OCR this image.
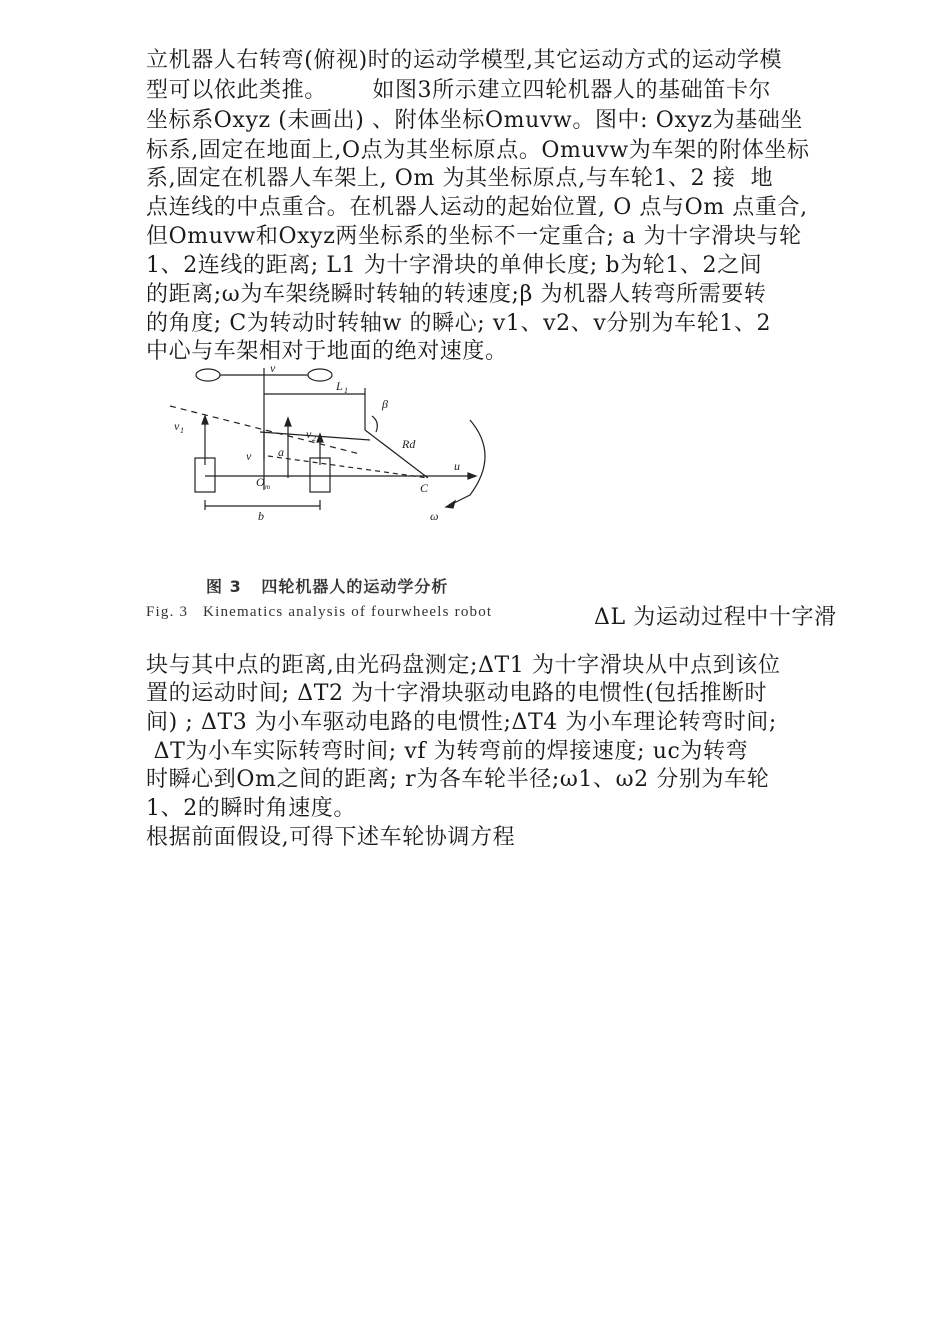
立机器人右转弯(俯视)时的运动学模型,其它运动方式的运动学模
型可以依此类推。      如图3所示建立四轮机器人的基础笛卡尔
坐标系Oxyz (未画出) 、附体坐标Omuvw。图中: Oxyz为基础坐
标系,固定在地面上,O点为其坐标原点。Omuvw为车架的附体坐标
系,固定在机器人车架上, Om 为其坐标原点,与车轮1、2 接  地
点连线的中点重合。在机器人运动的起始位置, O 点与Om 点重合,
但Omuvw和Oxyz两坐标系的坐标不一定重合; a 为十字滑块与轮
1、2连线的距离; L1 为十字滑块的单伸长度; b为轮1、2之间
的距离;ω为车架绕瞬时转轴的转速度;β 为机器人转弯所需要转
的角度; C为转动时转轴w 的瞬心; v1、v2、v分别为车轮1、2
中心与车架相对于地面的绝对速度。
v
L 1
β
v 1	v 2
v a
Rd
u
O m	C
b	ω
图 3   四轮机器人的运动学分析
Fig. 3   Kinematics analysis of fourwheels robot	ΔL 为运动过程中十字滑
块与其中点的距离,由光码盘测定;ΔT1 为十字滑块从中点到该位
置的运动时间; ΔT2 为十字滑块驱动电路的电惯性(包括推断时
间) ; ΔT3 为小车驱动电路的电惯性;ΔT4 为小车理论转弯时间;
ΔT为小车实际转弯时间; vf 为转弯前的焊接速度; uc为转弯
时瞬心到Om之间的距离; r为各车轮半径;ω1、ω2 分别为车轮
1、2的瞬时角速度。
根据前面假设,可得下述车轮协调方程
